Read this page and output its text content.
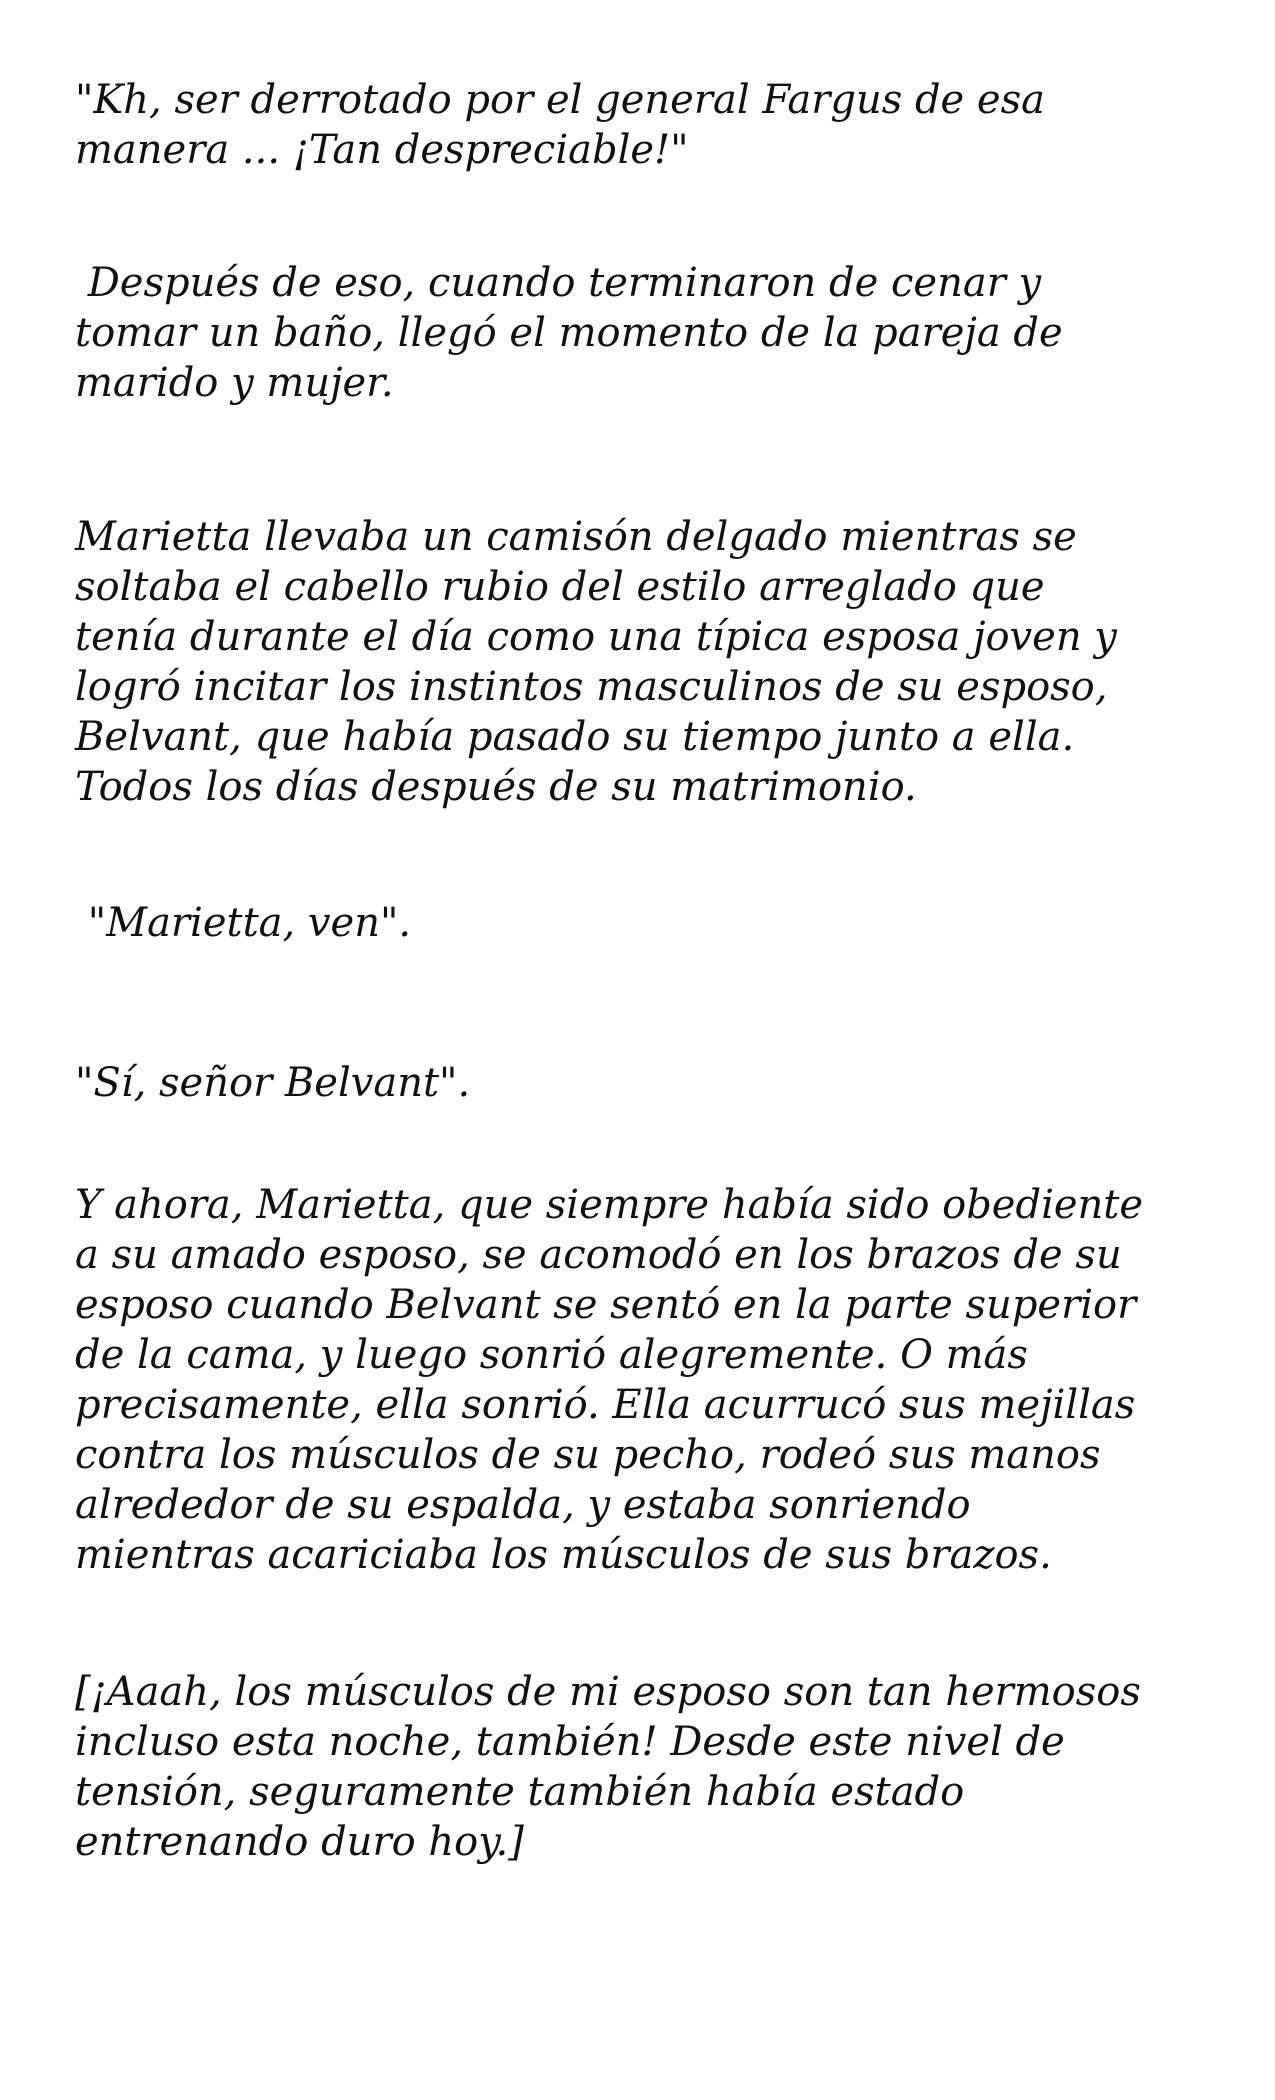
"Kh, ser derrotado por el general Fargus de esa
manera ... ¡Tan despreciable!"

Después de eso, cuando terminaron de cenar y
tomar un baño, llegó el momento de la pareja de
marido y mujer.

Marietta llevaba un camisón delgado mientras se
soltaba el cabello rubio del estilo arreglado que
tenía durante el día como una típica esposa joven y
logró incitar los instintos masculinos de su esposo,
Belvant, que había pasado su tiempo junto a ella.
Todos los días después de su matrimonio.

"Marietta, ven".

"Sí, señor Belvant".

Y ahora, Marietta, que siempre había sido obediente
a su amado esposo, se acomodó en los brazos de su
esposo cuando Belvant se sentó en la parte superior
de la cama, y luego sonrió alegremente. O más
precisamente, ella sonrió. Ella acurrucó sus mejillas
contra los músculos de su pecho, rodeó sus manos
alrededor de su espalda, y estaba sonriendo
mientras acariciaba los músculos de sus brazos.

[¡Aaah, los músculos de mi esposo son tan hermosos
incluso esta noche, también! Desde este nivel de
tensión, seguramente también había estado
entrenando duro hoy.]
